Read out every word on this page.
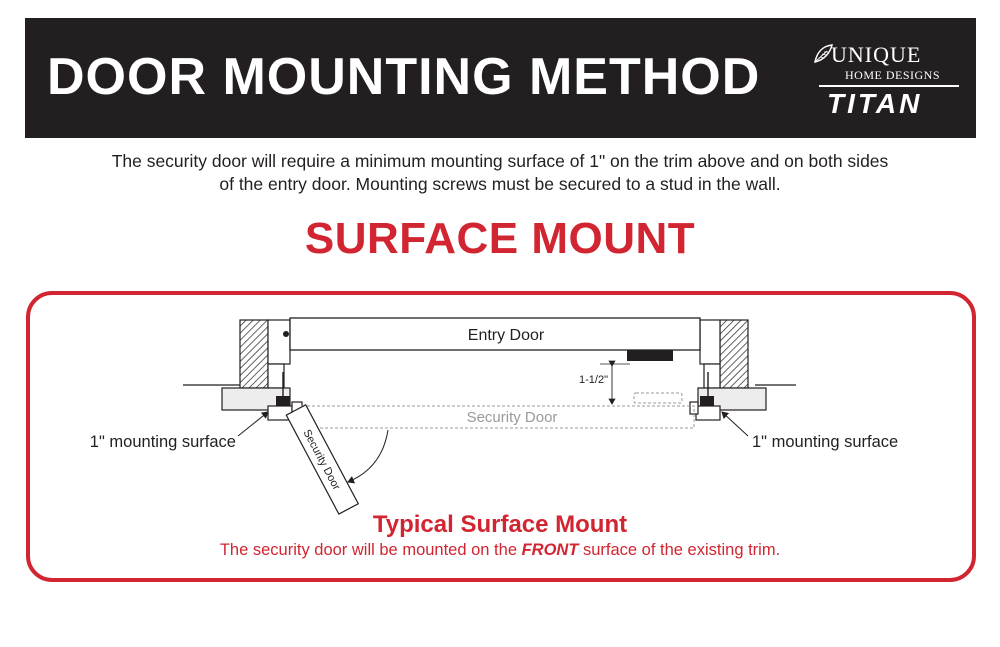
DOOR MOUNTING METHOD	UNIQUE
HOME DESIGNS
TITAN

The security door will require a minimum mounting surface of 1" on the trim above and on both sides
of the entry door. Mounting screws must be secured to a stud in the wall.

SURFACE MOUNT
Entry Door
1-1/2"
Security Door
Security Door
1" mounting surface	1" mounting surface

Typical Surface Mount

The security door will be mounted on the FRONT surface of the existing trim.
